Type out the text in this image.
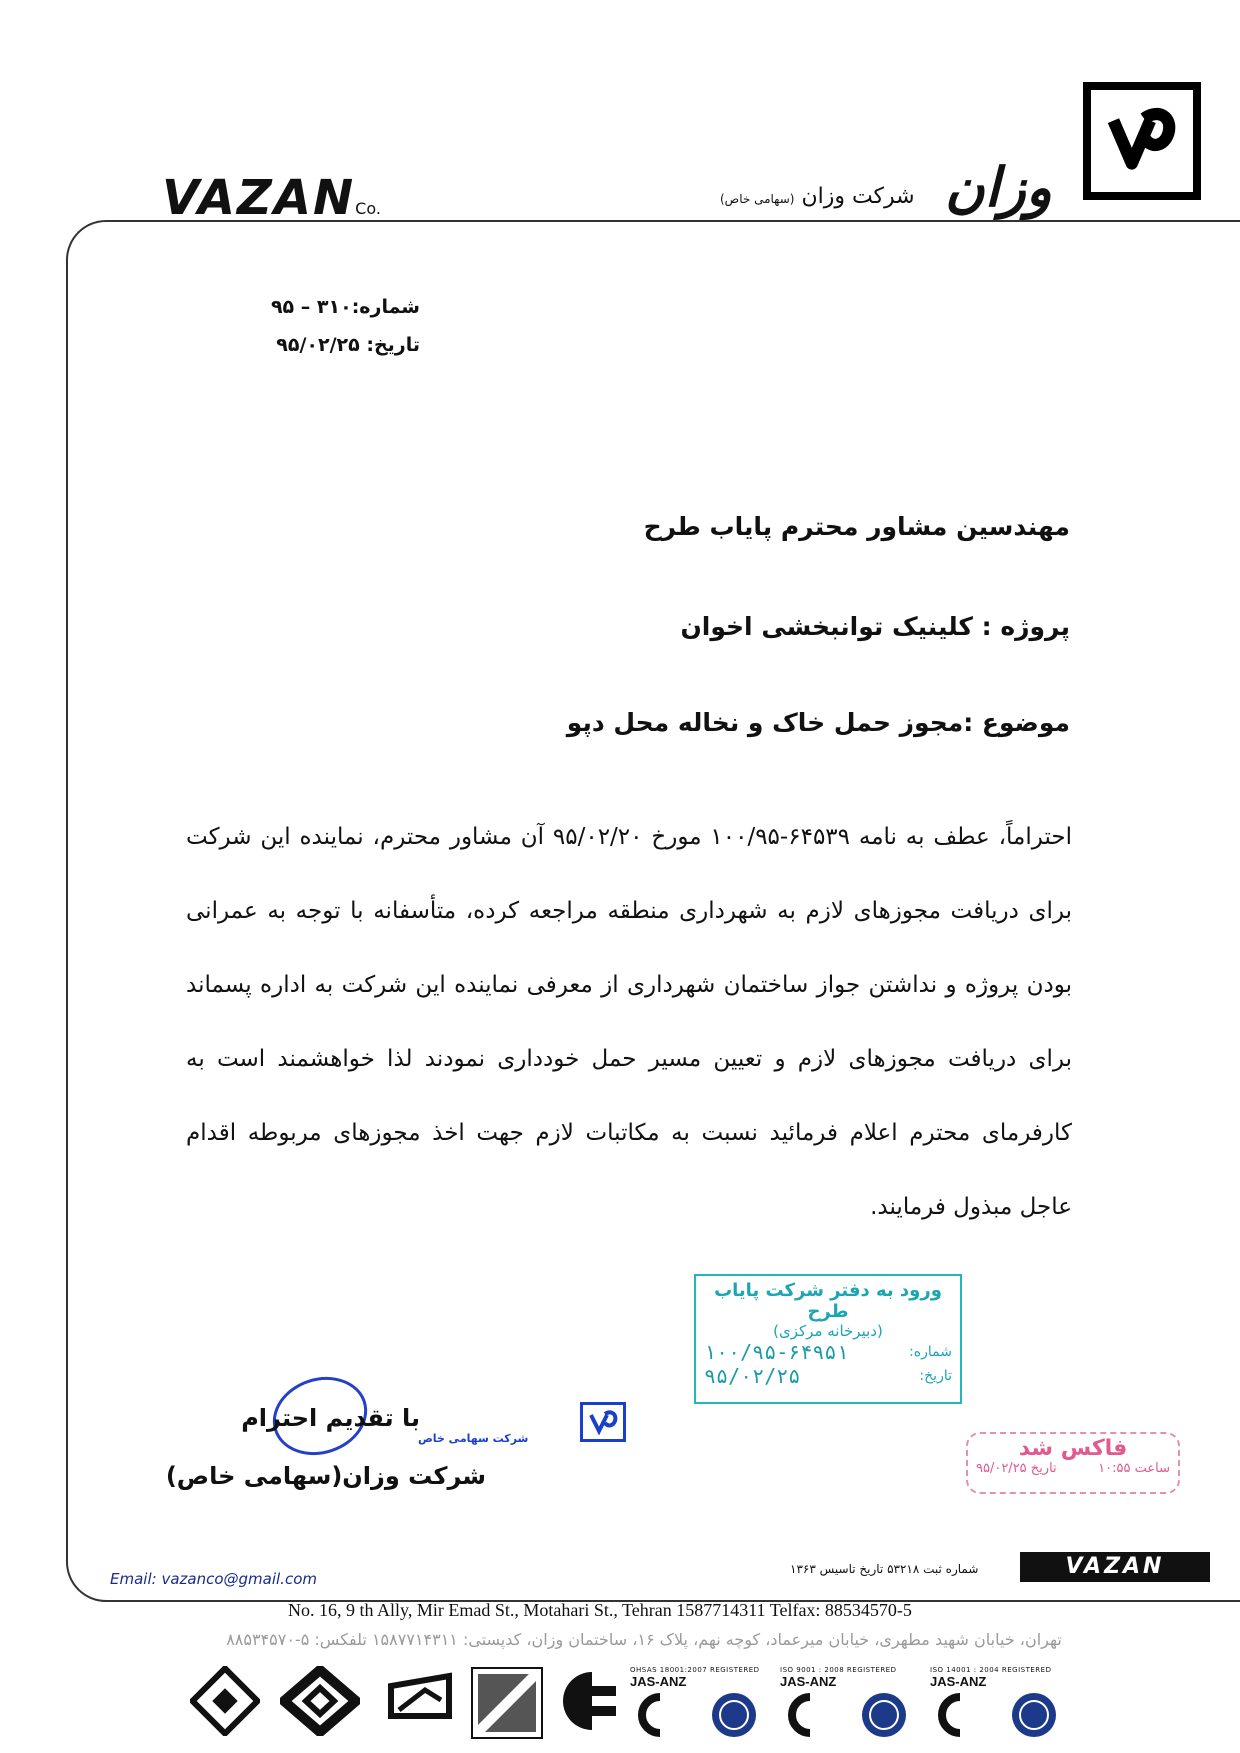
وزان
شرکت وزان (سهامی خاص)
VAZANCo.
شماره:۳۱۰ – ۹۵
تاریخ: ۹۵/۰۲/۲۵
مهندسین مشاور محترم پایاب طرح
پروژه : کلینیک توانبخشی اخوان
موضوع :مجوز حمل خاک و نخاله محل دپو
احتراماً، عطف به نامه ۶۴۵۳۹-۱۰۰/۹۵ مورخ ۹۵/۰۲/۲۰ آن مشاور محترم، نماینده این شرکت برای دریافت مجوزهای لازم به شهرداری منطقه مراجعه کرده، متأسفانه با توجه به عمرانی بودن پروژه و نداشتن جواز ساختمان شهرداری از معرفی نماینده این شرکت به اداره پسماند برای دریافت مجوزهای لازم و تعیین مسیر حمل خودداری نمودند لذا خواهشمند است به کارفرمای محترم اعلام فرمائید نسبت به مکاتبات لازم جهت اخذ مجوزهای مربوطه اقدام عاجل مبذول فرمایند.
ورود به دفتر شرکت پایاب طرح
(دبیرخانه مرکزی)
شماره:
۱۰۰/۹۵-۶۴۹۵۱
تاریخ:
۹۵/۰۲/۲۵
فاکس شد
ساعت ۱۰:۵۵
تاریخ ۹۵/۰۲/۲۵
با تقدیم احترام
شرکت سهامی خاص
شرکت وزان(سهامی خاص)
Email: vazanco@gmail.com
شماره ثبت ۵۳۲۱۸ تاریخ تاسیس ۱۳۶۳	VAZAN
No. 16, 9 th Ally, Mir Emad St., Motahari St., Tehran 1587714311 Telfax: 88534570-5
تهران، خیابان شهید مطهری، خیابان میرعماد، کوچه نهم، پلاک ۱۶، ساختمان وزان، کدپستی: ۱۵۸۷۷۱۴۳۱۱ تلفکس: ۵-۸۸۵۳۴۵۷۰
OHSAS 18001:2007 REGISTERED
JAS-ANZ
ISO 9001 : 2008 REGISTERED
JAS-ANZ
ISO 14001 : 2004 REGISTERED
JAS-ANZ
